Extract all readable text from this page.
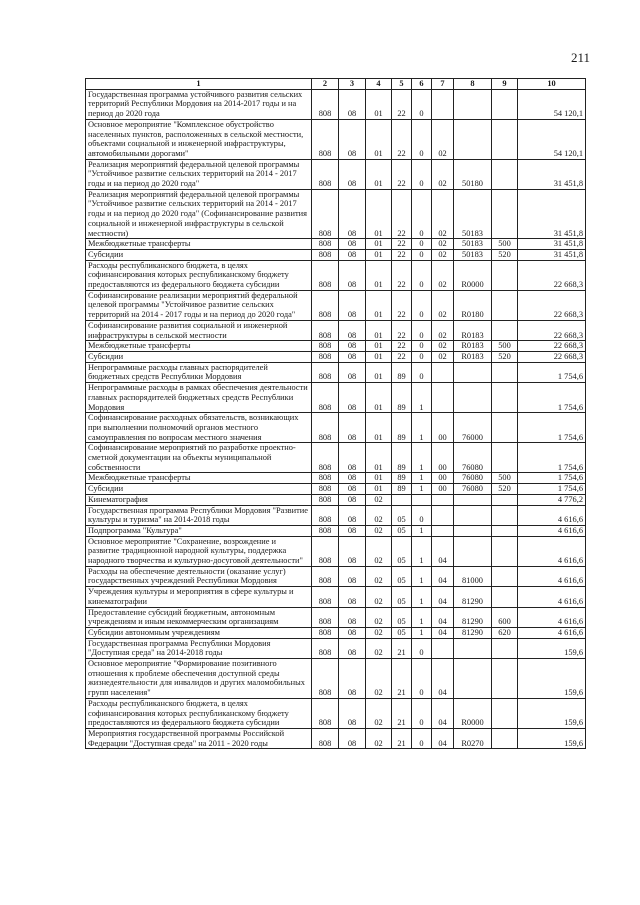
211
1	2	3	4	5	6	7	8	9	10
Государственная программа устойчивого развития сельских территорий Республики Мордовия на 2014-2017 годы и на период до 2020 года	808	08	01	22	0				54 120,1
Основное мероприятие "Комплексное обустройство населенных пунктов, расположенных в сельской местности, объектами социальной и инженерной инфраструктуры, автомобильными дорогами"	808	08	01	22	0	02			54 120,1
Реализация мероприятий федеральной целевой программы "Устойчивое развитие сельских территорий на 2014 - 2017 годы и на период до 2020 года"	808	08	01	22	0	02	50180		31 451,8
Реализация мероприятий федеральной целевой программы "Устойчивое развитие сельских территорий на 2014 - 2017 годы и на период до 2020 года" (Софинансирование развития социальной и инженерной инфраструктуры в сельской местности)	808	08	01	22	0	02	50183		31 451,8
Межбюджетные трансферты	808	08	01	22	0	02	50183	500	31 451,8
Субсидии	808	08	01	22	0	02	50183	520	31 451,8
Расходы республиканского бюджета, в целях софинансирования которых республиканскому бюджету предоставляются из федерального бюджета субсидии	808	08	01	22	0	02	R0000		22 668,3
Софинансирование реализации мероприятий федеральной целевой программы "Устойчивое развитие сельских территорий на 2014 - 2017 годы и на период до 2020 года"	808	08	01	22	0	02	R0180		22 668,3
Софинансирование развития социальной и инженерной инфраструктуры в сельской местности	808	08	01	22	0	02	R0183		22 668,3
Межбюджетные трансферты	808	08	01	22	0	02	R0183	500	22 668,3
Субсидии	808	08	01	22	0	02	R0183	520	22 668,3
Непрограммные расходы главных распорядителей бюджетных средств Республики Мордовия	808	08	01	89	0				1 754,6
Непрограммные расходы в рамках обеспечения деятельности главных распорядителей бюджетных средств Республики Мордовия	808	08	01	89	1				1 754,6
Софинансирование расходных обязательств, возникающих при выполнении полномочий органов местного самоуправления по вопросам местного значения	808	08	01	89	1	00	76000		1 754,6
Софинансирование мероприятий по разработке проектно-сметной документации на объекты муниципальной собственности	808	08	01	89	1	00	76080		1 754,6
Межбюджетные трансферты	808	08	01	89	1	00	76080	500	1 754,6
Субсидии	808	08	01	89	1	00	76080	520	1 754,6
Кинематография	808	08	02						4 776,2
Государственная программа Республики Мордовия "Развитие культуры и туризма" на 2014-2018 годы	808	08	02	05	0				4 616,6
Подпрограмма "Культура"	808	08	02	05	1				4 616,6
Основное мероприятие "Сохранение, возрождение и развитие традиционной народной культуры, поддержка народного творчества и культурно-досуговой деятельности"	808	08	02	05	1	04			4 616,6
Расходы на обеспечение деятельности (оказание услуг) государственных учреждений Республики Мордовия	808	08	02	05	1	04	81000		4 616,6
Учреждения культуры и мероприятия в сфере культуры и кинематографии	808	08	02	05	1	04	81290		4 616,6
Предоставление субсидий бюджетным, автономным учреждениям и иным некоммерческим организациям	808	08	02	05	1	04	81290	600	4 616,6
Субсидии автономным учреждениям	808	08	02	05	1	04	81290	620	4 616,6
Государственная программа Республики Мордовия "Доступная среда" на 2014-2018 годы	808	08	02	21	0				159,6
Основное мероприятие "Формирование позитивного отношения к проблеме обеспечения доступной среды жизнедеятельности для инвалидов и других маломобильных групп населения"	808	08	02	21	0	04			159,6
Расходы республиканского бюджета, в целях софинансирования которых республиканскому бюджету предоставляются из федерального бюджета субсидии	808	08	02	21	0	04	R0000		159,6
Мероприятия государственной программы Российской Федерации "Доступная среда" на 2011 - 2020 годы	808	08	02	21	0	04	R0270		159,6
